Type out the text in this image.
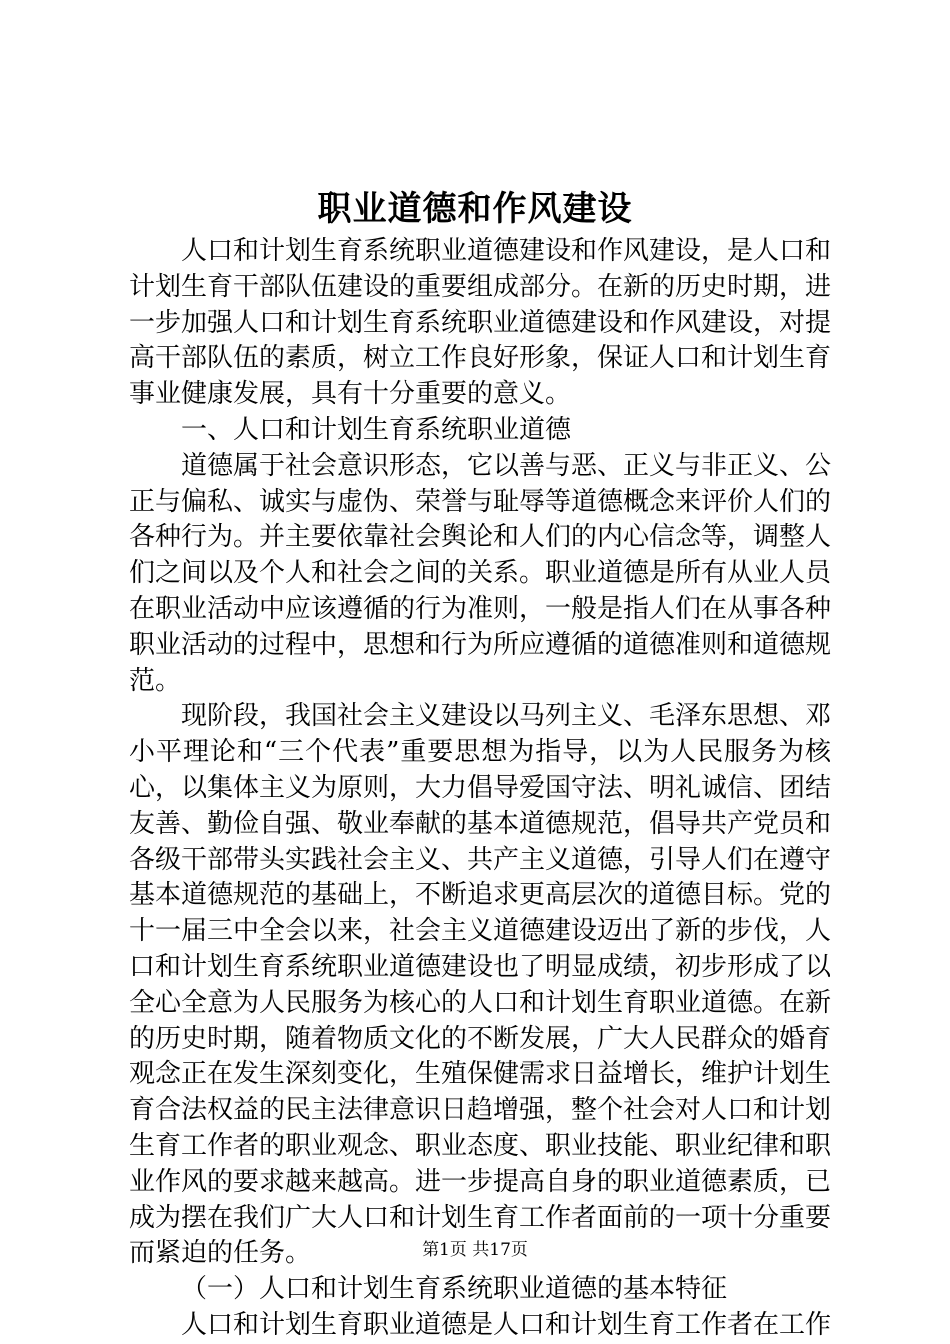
职业道德和作风建设

人口和计划生育系统职业道德建设和作风建设，是人口和计划生育干部队伍建设的重要组成部分。在新的历史时期，进一步加强人口和计划生育系统职业道德建设和作风建设，对提高干部队伍的素质，树立工作良好形象，保证人口和计划生育事业健康发展，具有十分重要的意义。

一、人口和计划生育系统职业道德

道德属于社会意识形态，它以善与恶、正义与非正义、公正与偏私、诚实与虚伪、荣誉与耻辱等道德概念来评价人们的各种行为。并主要依靠社会舆论和人们的内心信念等，调整人们之间以及个人和社会之间的关系。职业道德是所有从业人员在职业活动中应该遵循的行为准则，一般是指人们在从事各种职业活动的过程中，思想和行为所应遵循的道德准则和道德规范。

现阶段，我国社会主义建设以马列主义、毛泽东思想、邓小平理论和“三个代表”重要思想为指导，以为人民服务为核心，以集体主义为原则，大力倡导爱国守法、明礼诚信、团结友善、勤俭自强、敬业奉献的基本道德规范，倡导共产党员和各级干部带头实践社会主义、共产主义道德，引导人们在遵守基本道德规范的基础上，不断追求更高层次的道德目标。党的十一届三中全会以来，社会主义道德建设迈出了新的步伐，人口和计划生育系统职业道德建设也了明显成绩，初步形成了以全心全意为人民服务为核心的人口和计划生育职业道德。在新的历史时期，随着物质文化的不断发展，广大人民群众的婚育观念正在发生深刻变化，生殖保健需求日益增长，维护计划生育合法权益的民主法律意识日趋增强，整个社会对人口和计划生育工作者的职业观念、职业态度、职业技能、职业纪律和职业作风的要求越来越高。进一步提高自身的职业道德素质，已成为摆在我们广大人口和计划生育工作者面前的一项十分重要而紧迫的任务。

（一）人口和计划生育系统职业道德的基本特征

人口和计划生育职业道德是人口和计划生育工作者在工作

第1页 共17页
